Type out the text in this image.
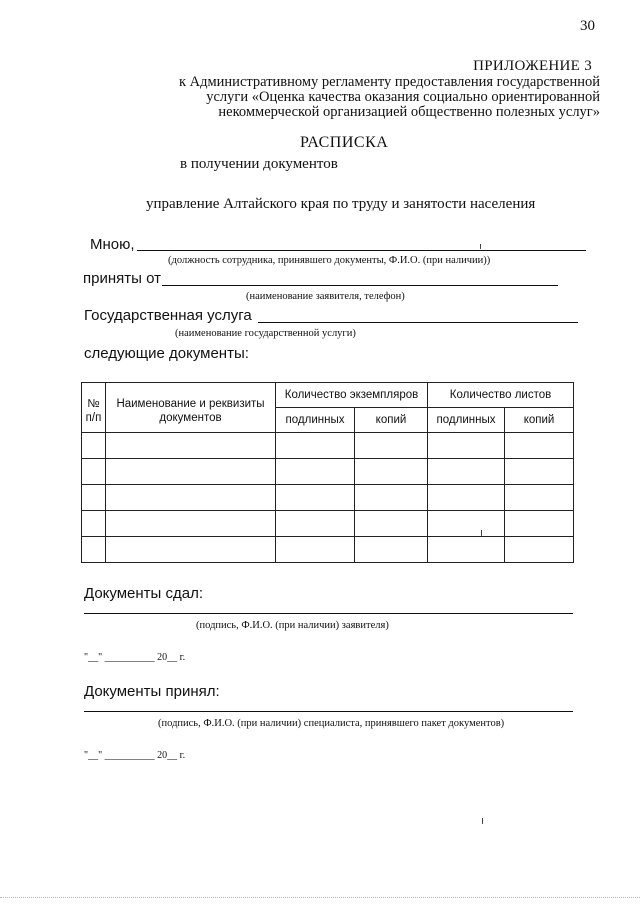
30
ПРИЛОЖЕНИЕ 3
к Административному регламенту предоставления государственной
услуги «Оценка качества оказания социально ориентированной
некоммерческой организацией общественно полезных услуг»
РАСПИСКА
в получении документов
управление Алтайского края по труду и занятости населения
Мною,
(должность сотрудника, принявшего документы, Ф.И.О. (при наличии))
приняты от
(наименование заявителя, телефон)
Государственная услуга
(наименование государственной услуги)
следующие документы:
№ п/п	Наименование и реквизиты документов	Количество экземпляров		Количество листов	
		подлинных	копий	подлинных	копий

Документы сдал:
(подпись, Ф.И.О. (при наличии) заявителя)
"__" __________ 20__ г.
Документы принял:
(подпись, Ф.И.О. (при наличии) специалиста, принявшего пакет документов)
"__" __________ 20__ г.
